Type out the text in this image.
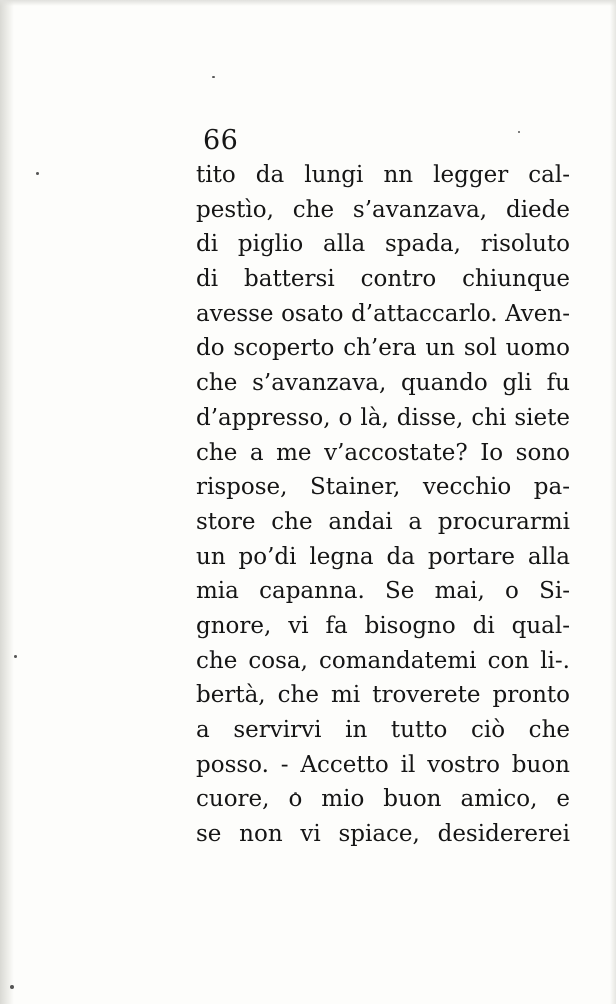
66
tito da lungi nn legger cal-
pestìo, che s’avanzava, diede
di piglio alla spada, risoluto
di battersi contro chiunque
avesse osato d’attaccarlo. Aven-
do scoperto ch’era un sol uomo
che s’avanzava, quando gli fu
d’appresso, o là, disse, chi siete
che a me v’accostate? Io sono
rispose, Stainer, vecchio pa-
store che andai a procurarmi
un po’di legna da portare alla
mia capanna. Se mai, o Si-
gnore, vi fa bisogno di qual-
che cosa, comandatemi con li-.
bertà, che mi troverete pronto
a servirvi in tutto ciò che
posso. - Accetto il vostro buon
cuore, o mio buon amico, e
se non vi spiace, desidererei
